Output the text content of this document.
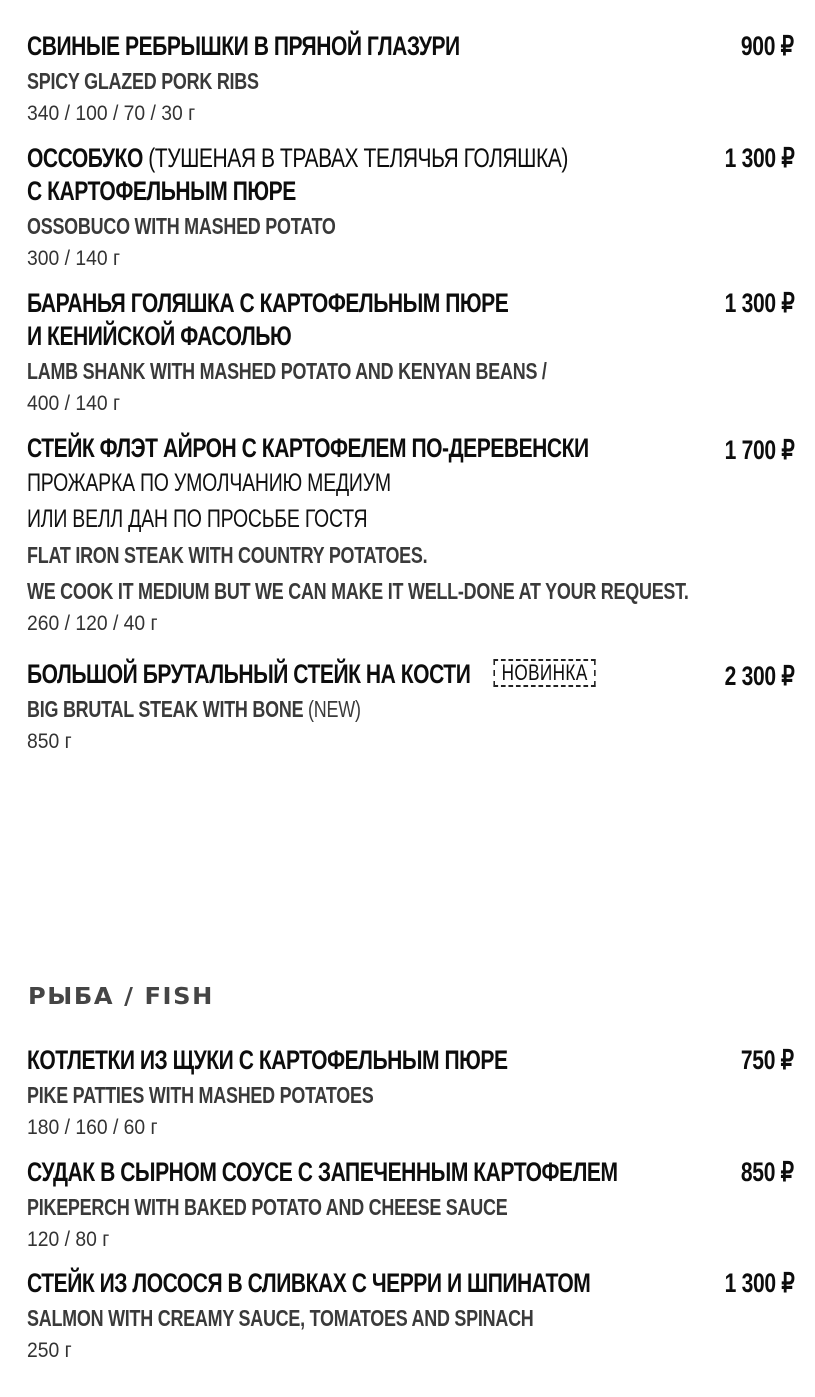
СВИНЫЕ РЕБРЫШКИ В ПРЯНОЙ ГЛАЗУРИ	900 ₽
SPICY GLAZED PORK RIBS
340 / 100 / 70 / 30 г
ОССОБУКО (ТУШЕНАЯ В ТРАВАХ ТЕЛЯЧЬЯ ГОЛЯШКА)
С КАРТОФЕЛЬНЫМ ПЮРЕ
1 300 ₽
OSSOBUCO WITH MASHED POTATO
300 / 140 г
БАРАНЬЯ ГОЛЯШКА С КАРТОФЕЛЬНЫМ ПЮРЕ
И КЕНИЙСКОЙ ФАСОЛЬЮ
1 300 ₽
LAMB SHANK WITH MASHED POTATO AND KENYAN BEANS /
400 / 140 г
СТЕЙК ФЛЭТ АЙРОН С КАРТОФЕЛЕМ ПО-ДЕРЕВЕНСКИ	1 700 ₽
ПРОЖАРКА ПО УМОЛЧАНИЮ МЕДИУМ
ИЛИ ВЕЛЛ ДАН ПО ПРОСЬБЕ ГОСТЯ
FLAT IRON STEAK WITH COUNTRY POTATOES.
WE COOK IT MEDIUM BUT WE CAN MAKE IT WELL-DONE AT YOUR REQUEST.
260 / 120 / 40 г
БОЛЬШОЙ БРУТАЛЬНЫЙ СТЕЙК НА КОСТИ НОВИНКА	2 300 ₽
BIG BRUTAL STEAK WITH BONE (NEW)
850 г
РЫБА / FISH
КОТЛЕТКИ ИЗ ЩУКИ С КАРТОФЕЛЬНЫМ ПЮРЕ	750 ₽
PIKE PATTIES WITH MASHED POTATOES
180 / 160 / 60 г
СУДАК В СЫРНОМ СОУСЕ С ЗАПЕЧЕННЫМ КАРТОФЕЛЕМ	850 ₽
PIKEPERCH WITH BAKED POTATO AND CHEESE SAUCE
120 / 80 г
СТЕЙК ИЗ ЛОСОСЯ В СЛИВКАХ С ЧЕРРИ И ШПИНАТОМ	1 300 ₽
SALMON WITH CREAMY SAUCE, TOMATOES AND SPINACH
250 г
